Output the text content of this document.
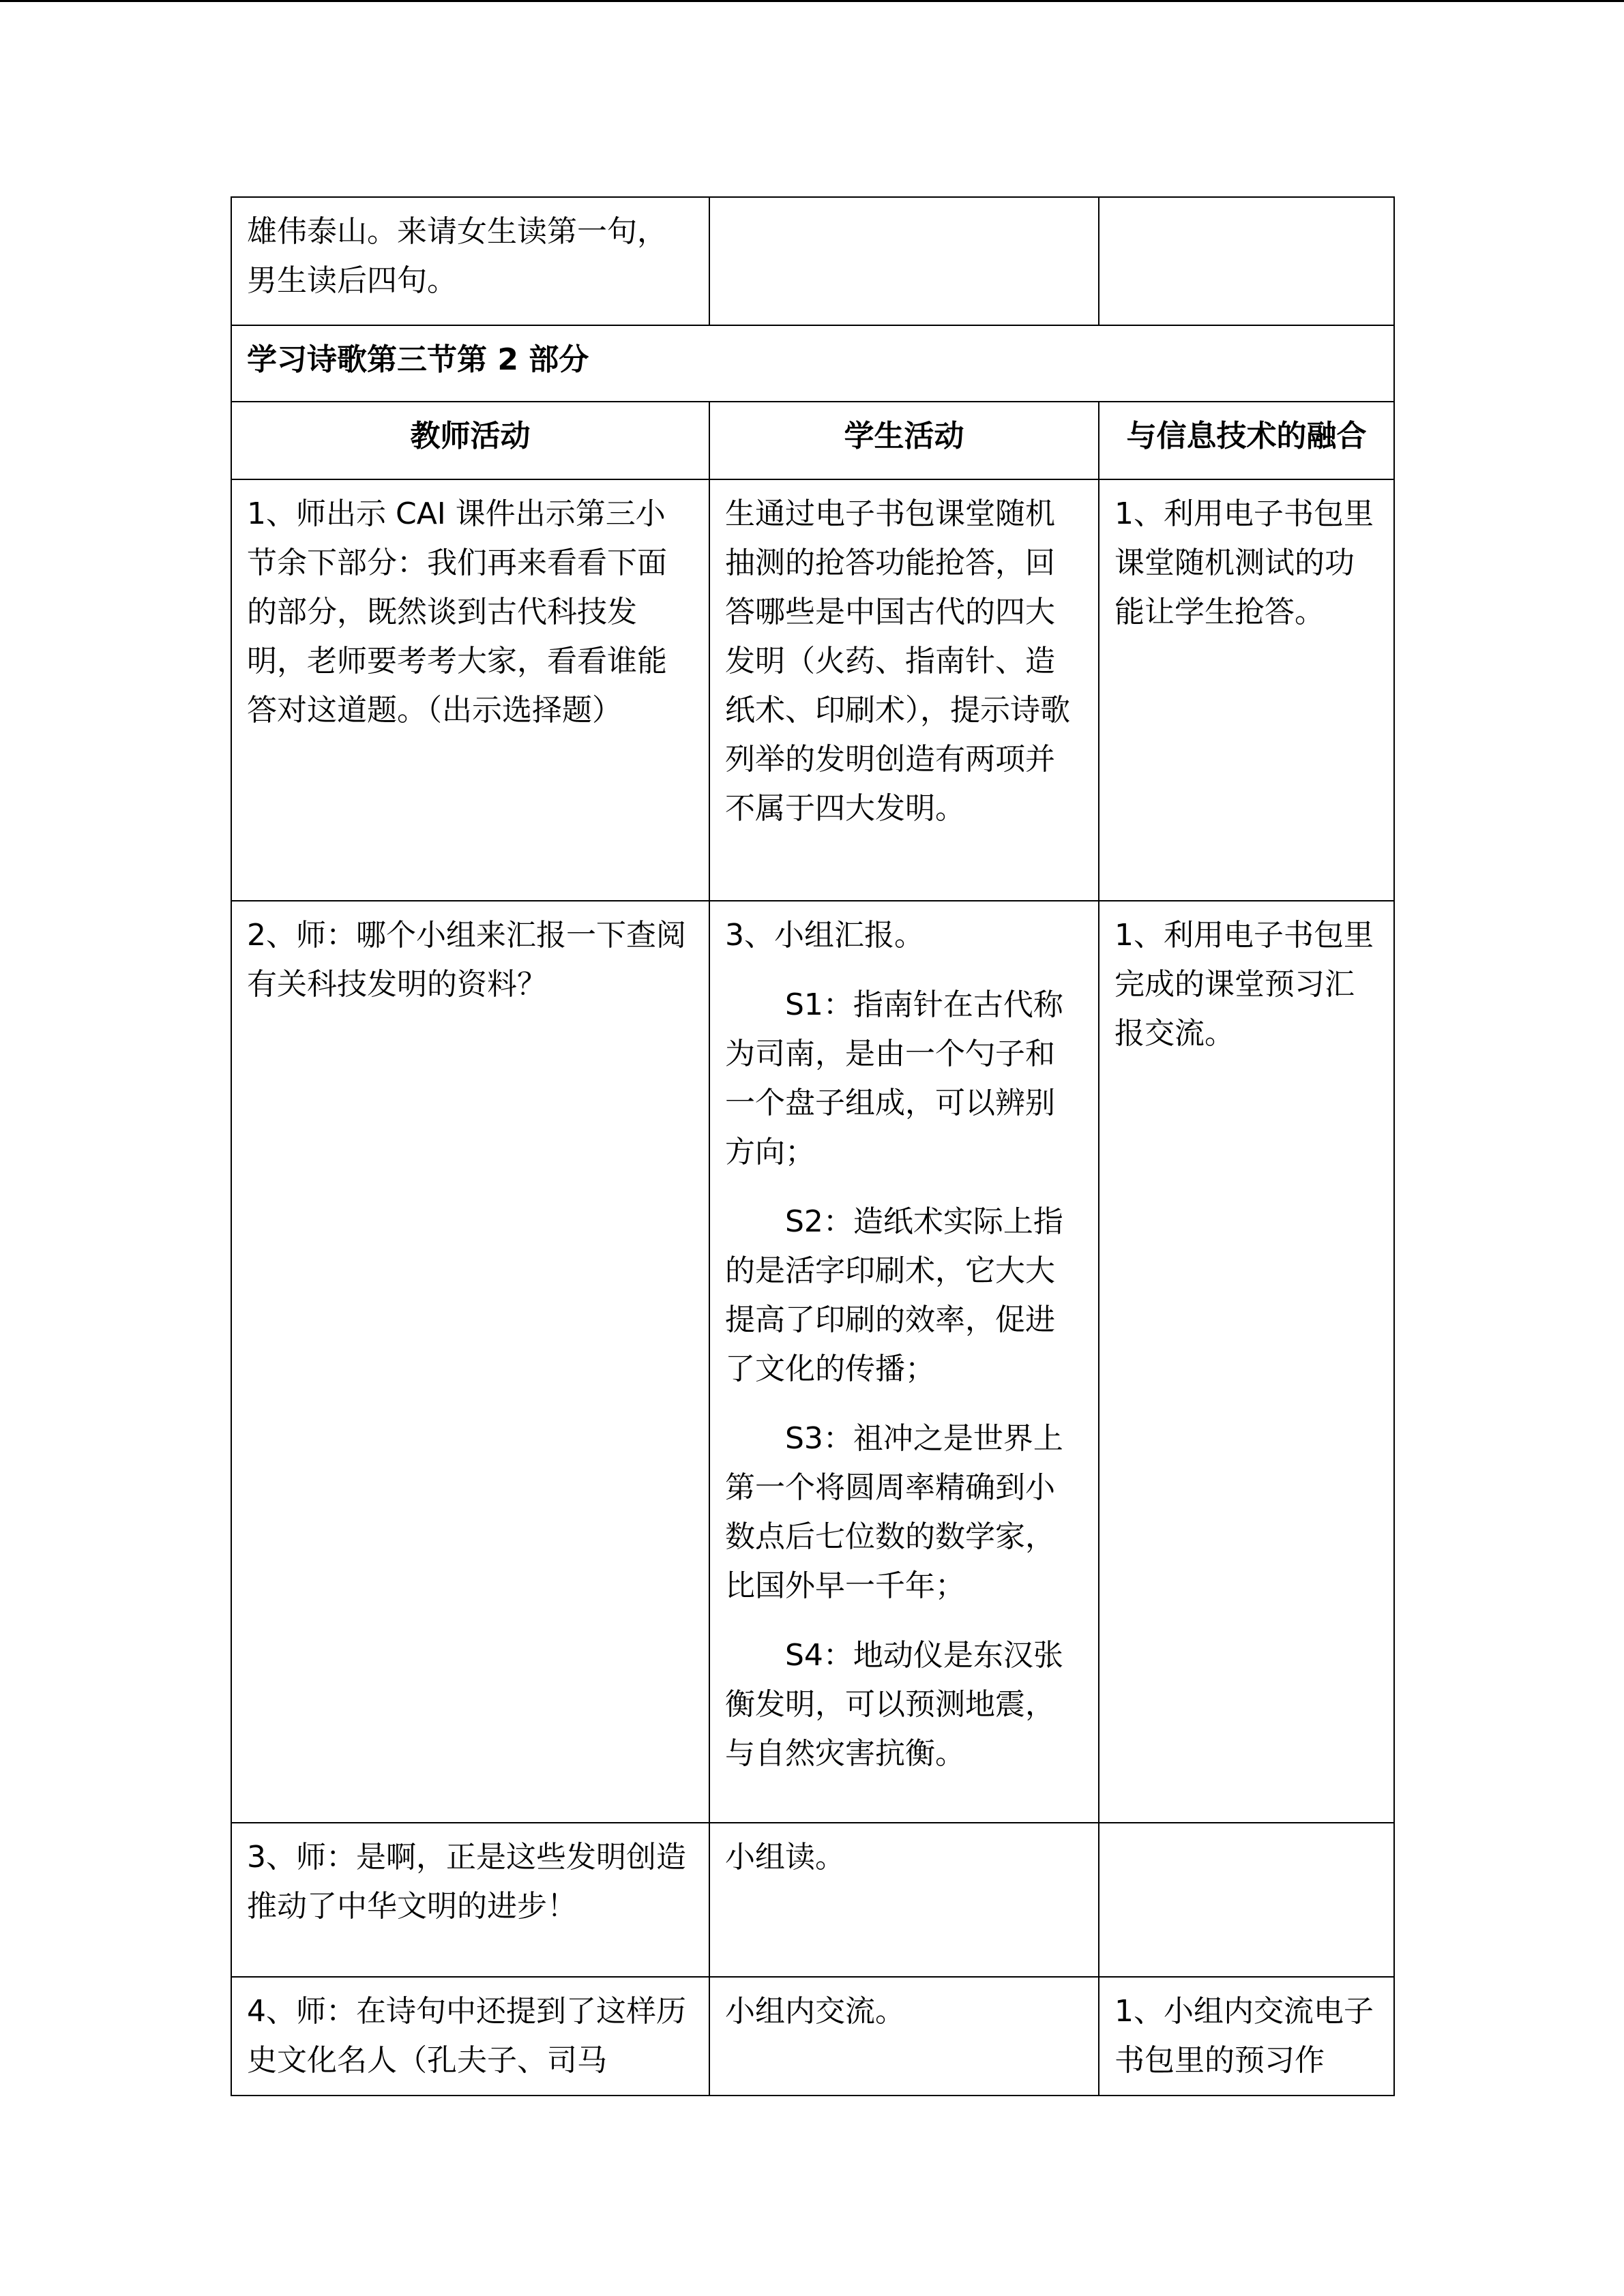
雄伟泰山。来请女生读第一句，男生读后四句。		

学习诗歌第三节第 2 部分		
教师活动	学生活动	与信息技术的融合

1、师出示 CAI 课件出示第三小节余下部分：我们再来看看下面的部分，既然谈到古代科技发明，老师要考考大家，看看谁能答对这道题。（出示选择题）	生通过电子书包课堂随机抽测的抢答功能抢答，回答哪些是中国古代的四大发明（火药、指南针、造纸术、印刷术），提示诗歌列举的发明创造有两项并不属于四大发明。	1、利用电子书包里课堂随机测试的功能让学生抢答。

2、师：哪个小组来汇报一下查阅有关科技发明的资料？	3、小组汇报。
S1：指南针在古代称为司南，是由一个勺子和一个盘子组成，可以辨别方向；
S2：造纸术实际上指的是活字印刷术，它大大提高了印刷的效率，促进了文化的传播；
S3：祖冲之是世界上第一个将圆周率精确到小数点后七位数的数学家，比国外早一千年；
S4：地动仪是东汉张衡发明，可以预测地震，与自然灾害抗衡。	1、利用电子书包里完成的课堂预习汇报交流。

3、师：是啊，正是这些发明创造推动了中华文明的进步！	小组读。	

4、师：在诗句中还提到了这样历史文化名人（孔夫子、司马	小组内交流。	1、小组内交流电子书包里的预习作
